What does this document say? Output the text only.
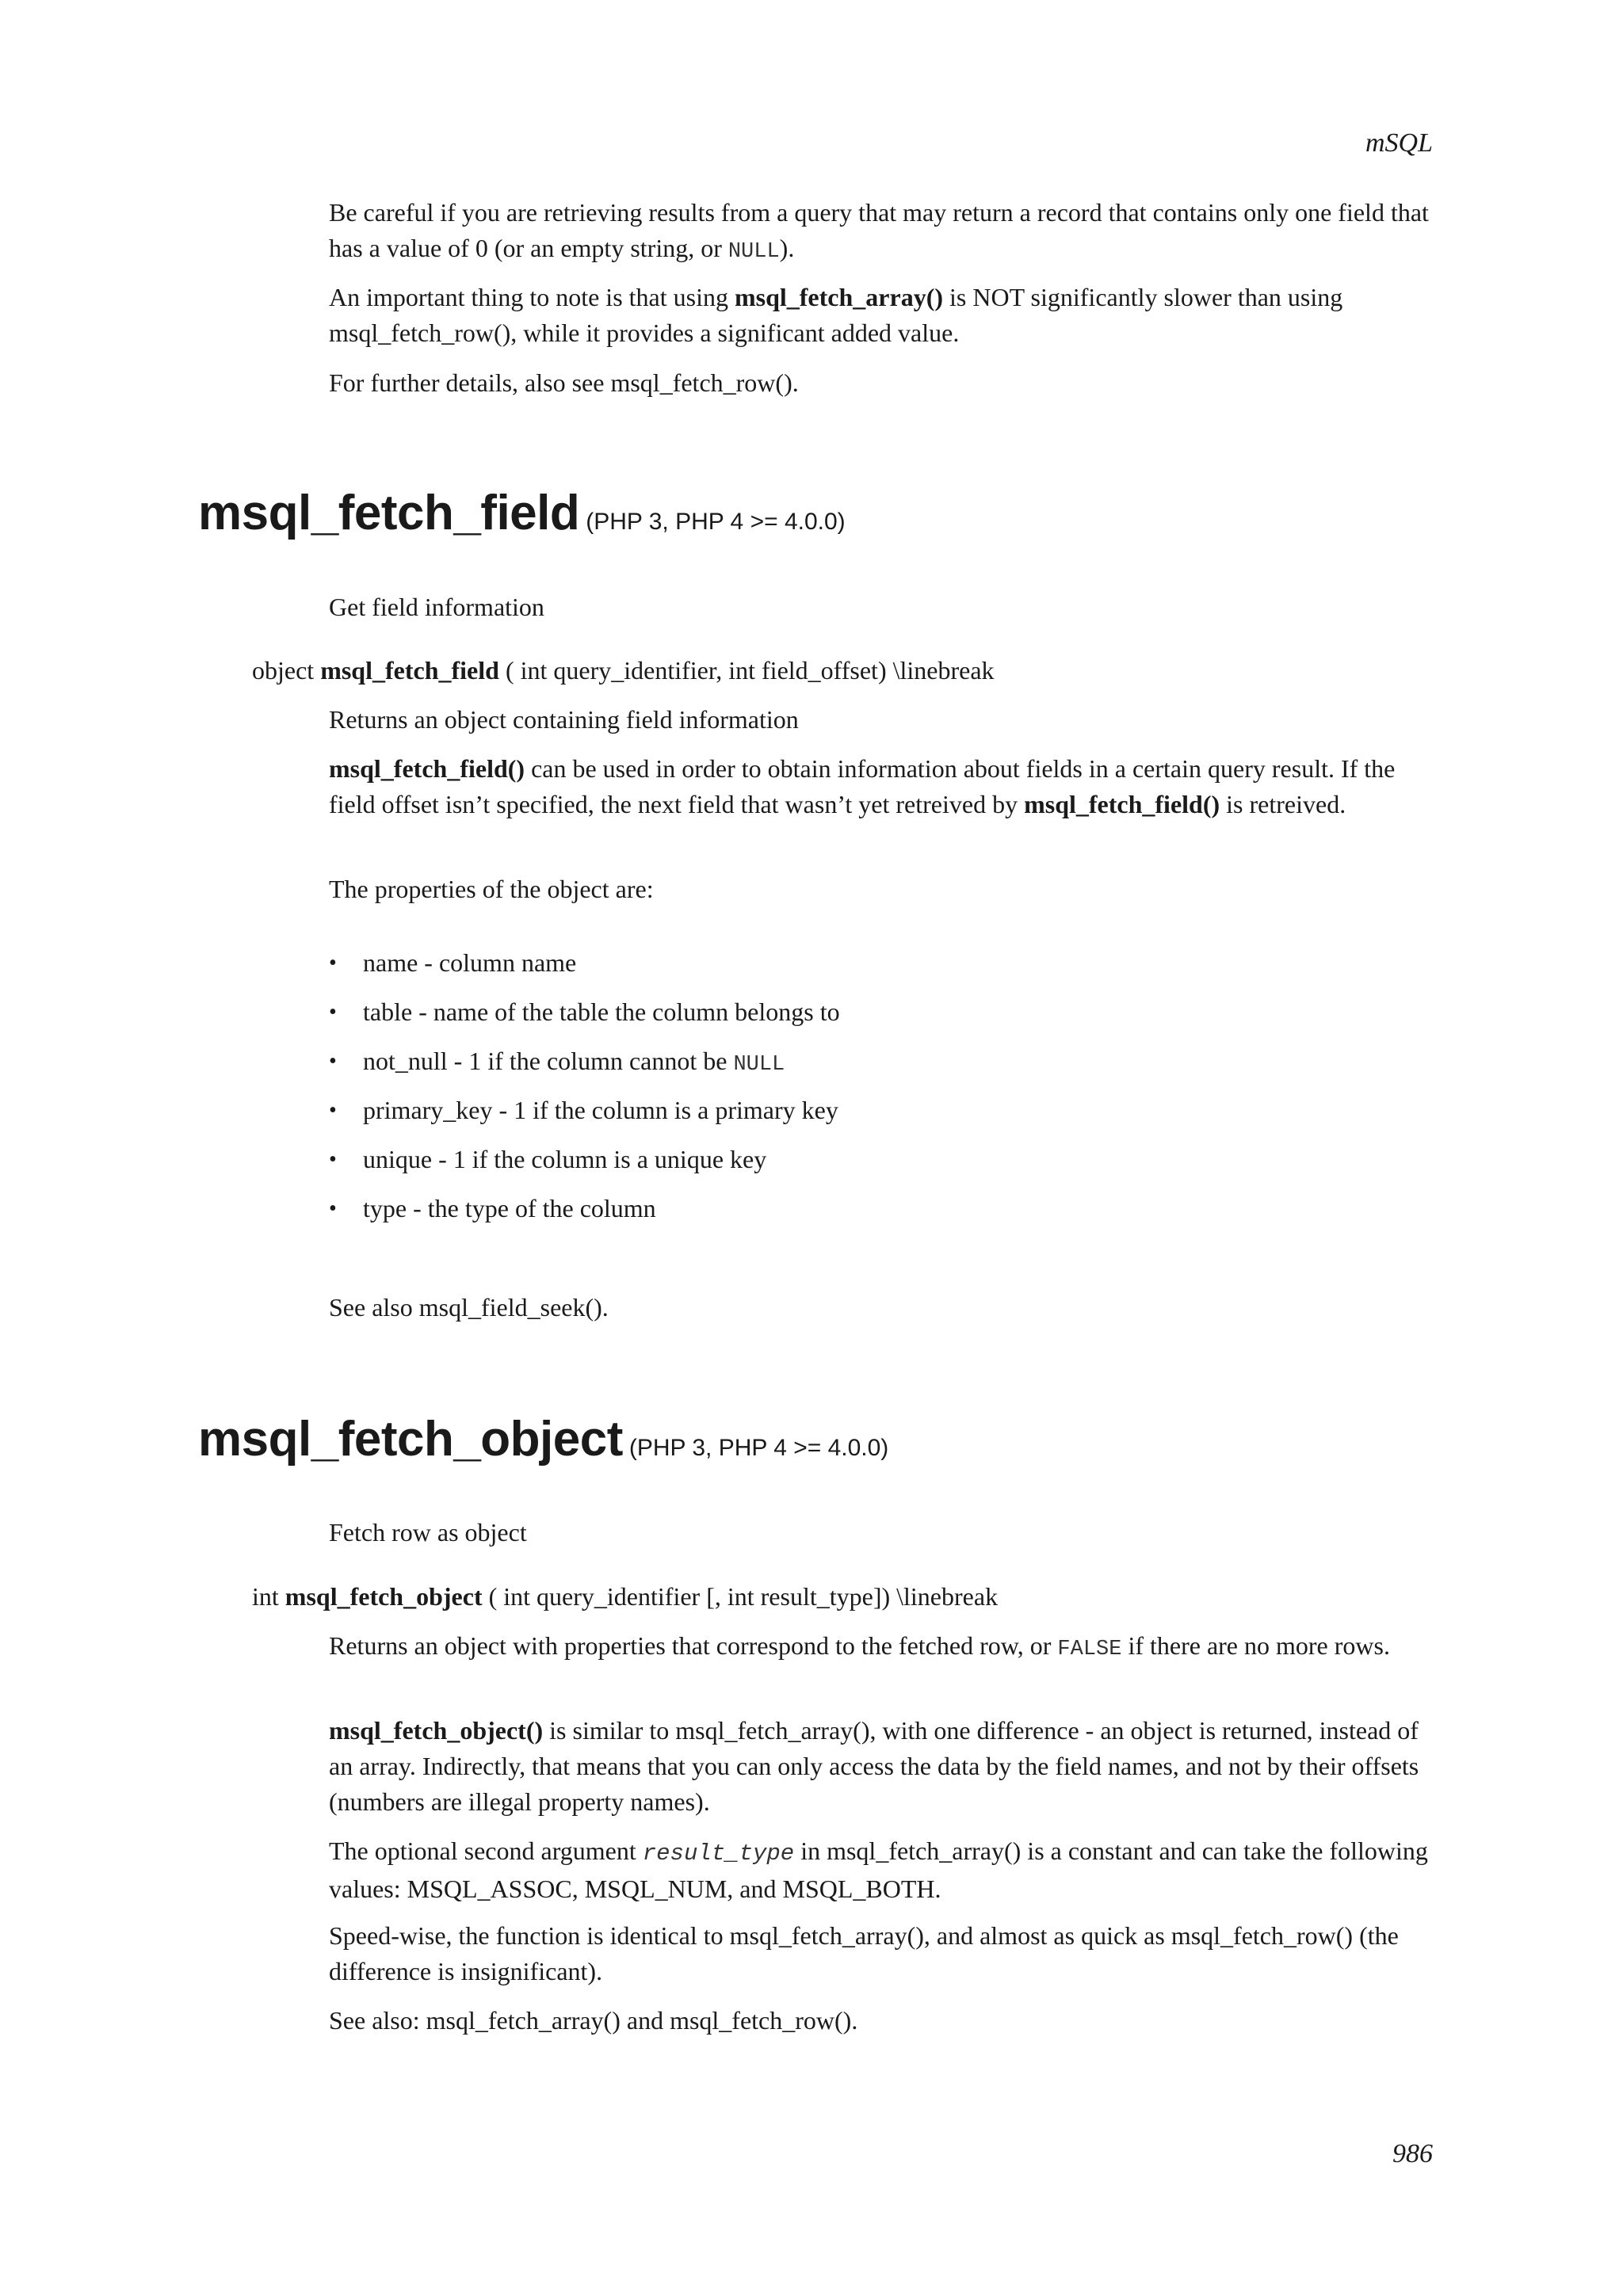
mSQL

Be careful if you are retrieving results from a query that may return a record that contains only one field that has a value of 0 (or an empty string, or NULL).

An important thing to note is that using msql_fetch_array() is NOT significantly slower than using msql_fetch_row(), while it provides a significant added value.

For further details, also see msql_fetch_row().

msql_fetch_field (PHP 3, PHP 4 >= 4.0.0)

Get field information

object msql_fetch_field ( int query_identifier, int field_offset) \linebreak

Returns an object containing field information

msql_fetch_field() can be used in order to obtain information about fields in a certain query result. If the field offset isn’t specified, the next field that wasn’t yet retreived by msql_fetch_field() is retreived.

The properties of the object are:

• name - column name
• table - name of the table the column belongs to
• not_null - 1 if the column cannot be NULL
• primary_key - 1 if the column is a primary key
• unique - 1 if the column is a unique key
• type - the type of the column

See also msql_field_seek().

msql_fetch_object (PHP 3, PHP 4 >= 4.0.0)

Fetch row as object

int msql_fetch_object ( int query_identifier [, int result_type]) \linebreak

Returns an object with properties that correspond to the fetched row, or FALSE if there are no more rows.

msql_fetch_object() is similar to msql_fetch_array(), with one difference - an object is returned, instead of an array. Indirectly, that means that you can only access the data by the field names, and not by their offsets (numbers are illegal property names).

The optional second argument result_type in msql_fetch_array() is a constant and can take the following values: MSQL_ASSOC, MSQL_NUM, and MSQL_BOTH.

Speed-wise, the function is identical to msql_fetch_array(), and almost as quick as msql_fetch_row() (the difference is insignificant).

See also: msql_fetch_array() and msql_fetch_row().

986
